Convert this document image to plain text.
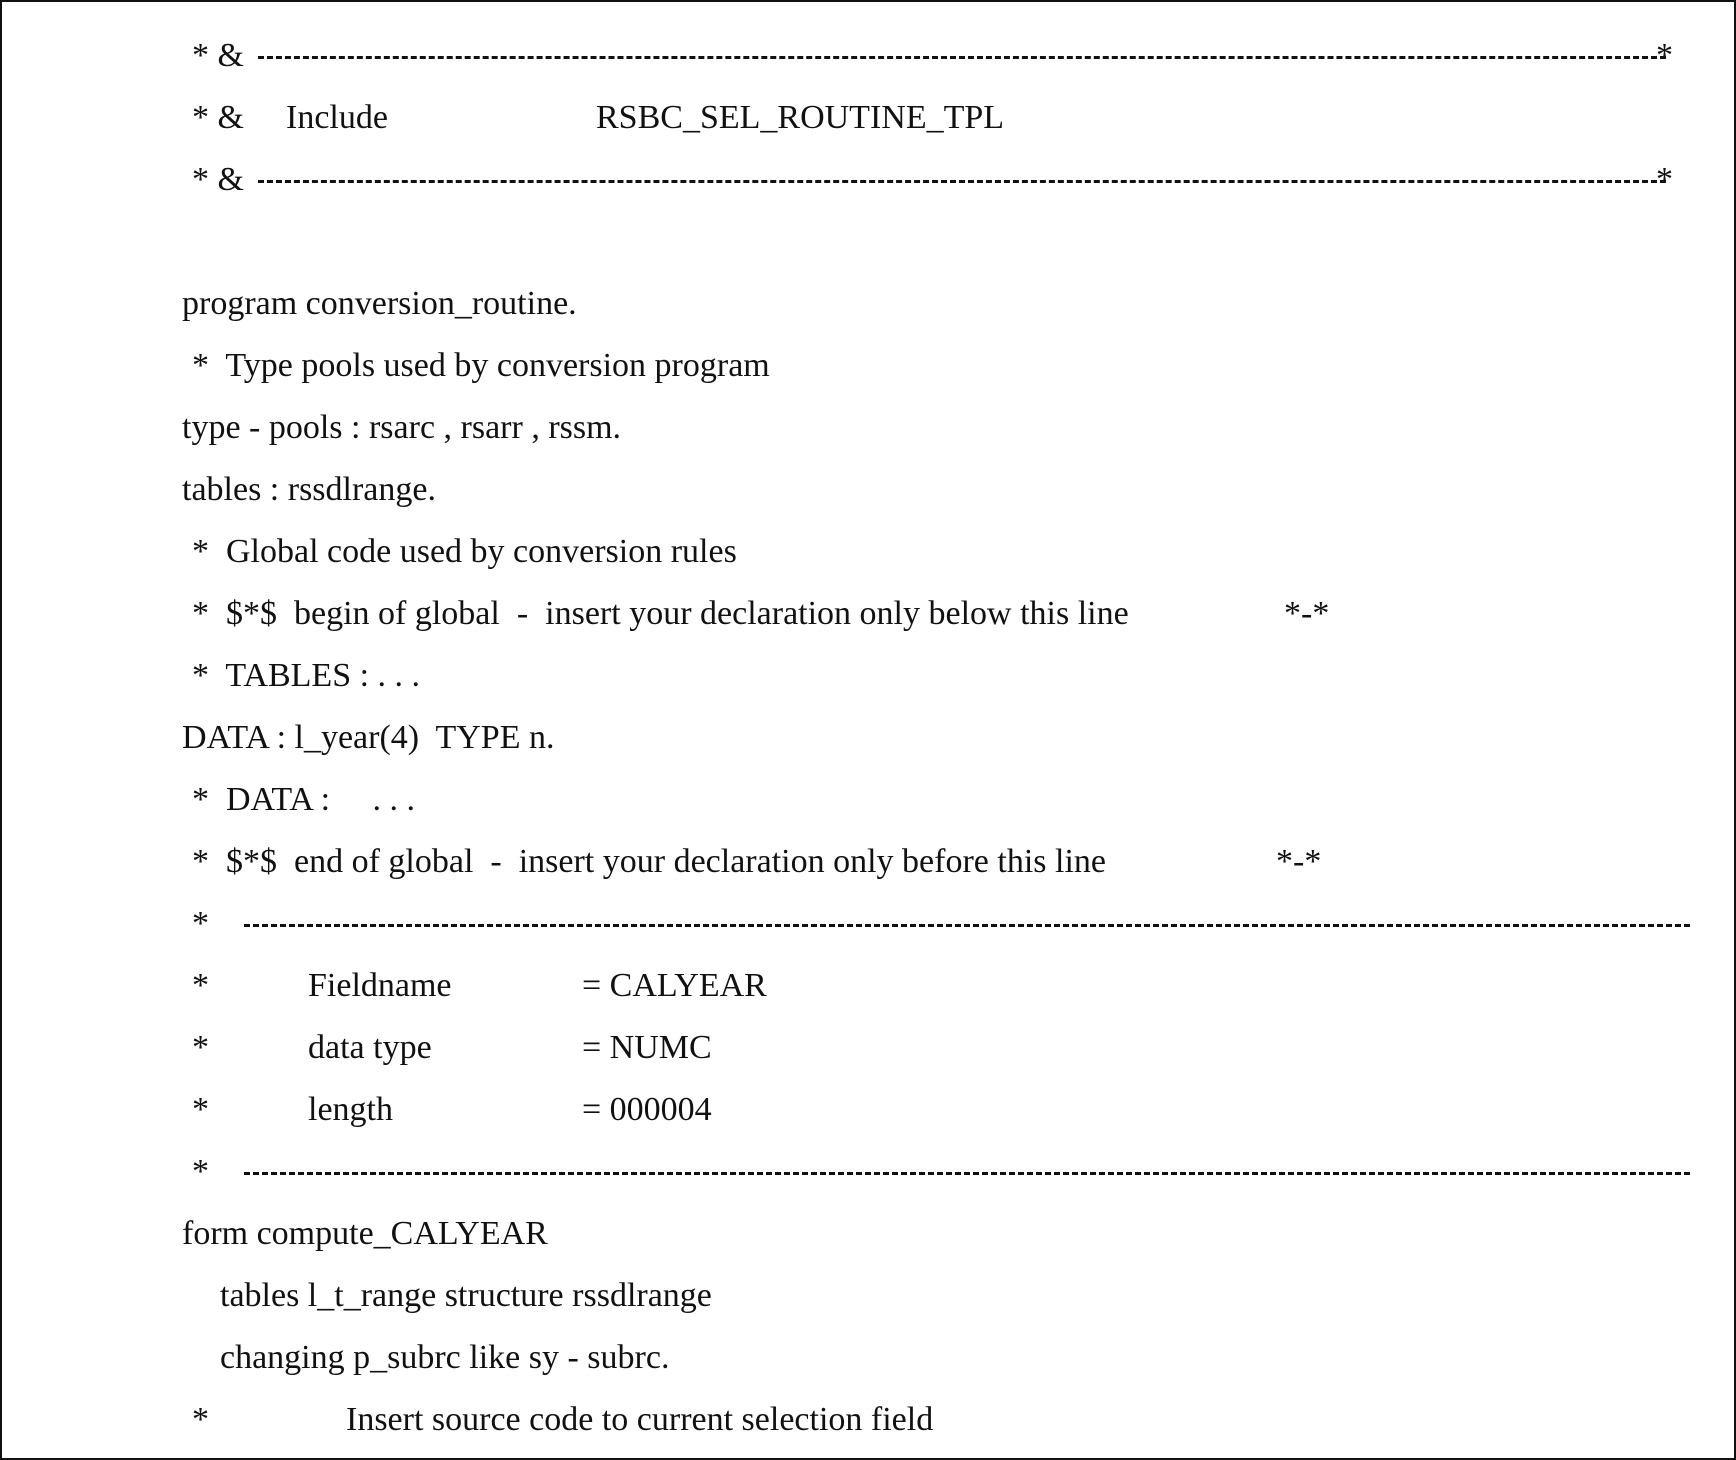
* &	*
* & Include	RSBC_SEL_ROUTINE_TPL
* &	*
program conversion_routine.
*  Type pools used by conversion program
type - pools : rsarc , rsarr , rssm.
tables : rssdlrange.
*  Global code used by conversion rules
*  $*$  begin of global  -  insert your declaration only below this line	*-*
*  TABLES : . . .
DATA : l_year(4)  TYPE n.
*  DATA :     . . .
*  $*$  end of global  -  insert your declaration only before this line	*-*
*
*	Fieldname	= CALYEAR
*	data type	= NUMC
*	length	= 000004
*
form compute_CALYEAR
tables l_t_range structure rssdlrange
changing p_subrc like sy - subrc.
*	Insert source code to current selection field
